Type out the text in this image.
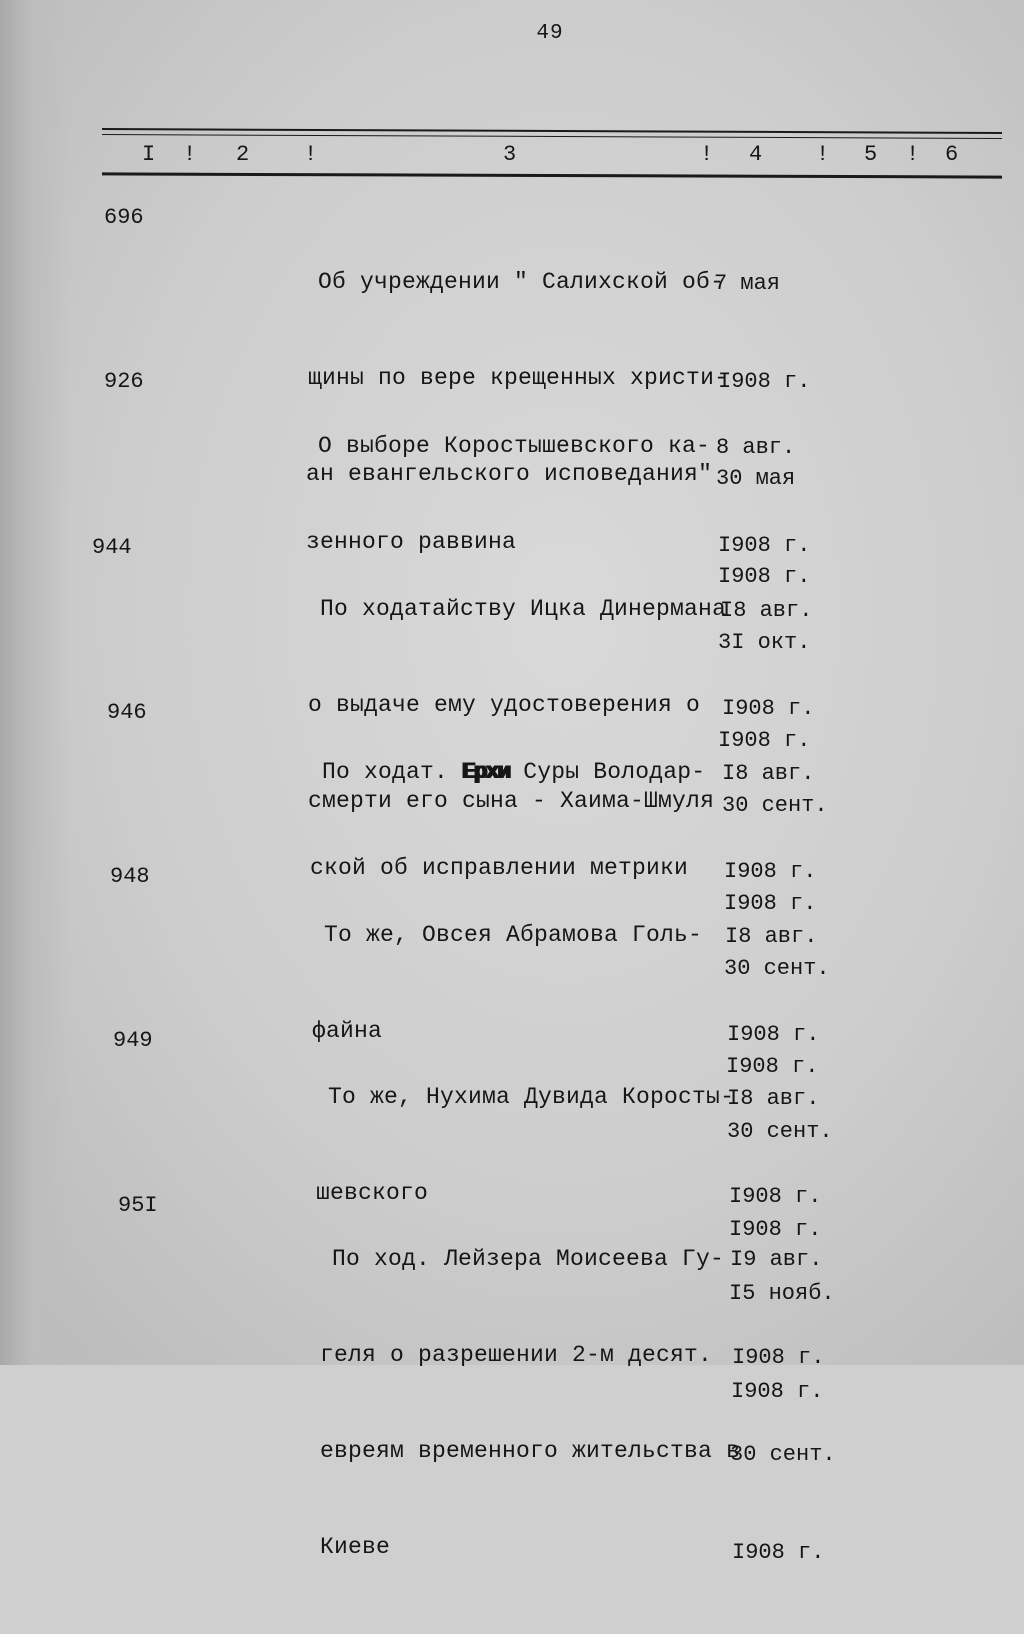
49
I ! 2 !	3	! 4 ! 5 ! 6
696

Об учреждении " Салихской об-

щины по вере крещенных христи-

ан евангельского исповедания"

7 мая

I908 г.

30 мая

I908 г.

926

О выборе Коростышевского ка-

зенного раввина

8 авг.

I908 г.

3I окт.

I908 г.

944

По ходатайству Ицка Динермана

о выдаче ему удостоверения о

смерти его сына - Хаима-Шмуля

I8 авг.

I908 г.

30 сент.

I908 г.

946

По ходат. Ерхи Суры Володар-

ской об исправлении метрики

I8 авг.

I908 г.

30 сент.

I908 г.

948

То же, Овсея Абрамова Голь-

файна

I8 авг.

I908 г.

30 сент.

I908 г.

949

То же, Нухима Дувида Коросты-

шевского

I8 авг.

I908 г.

I5 нояб.

I908 г.

95I

По ход. Лейзера Моисеева Гу-

геля о разрешении 2-м десят.

евреям временного жительства в

Киеве

I9 авг.

I908 г.

30 сент.

I908 г.
